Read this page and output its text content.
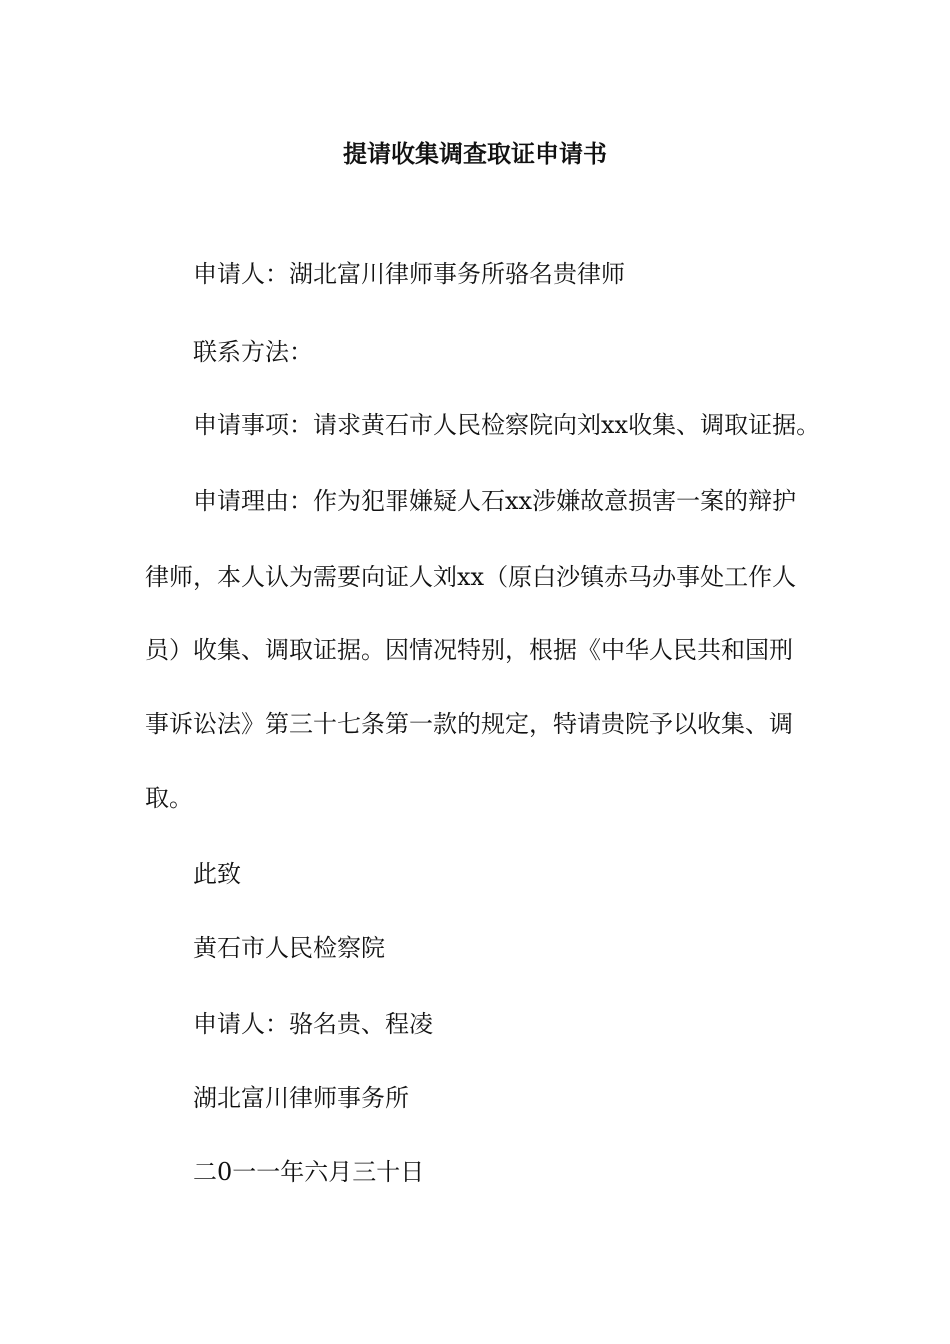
提请收集调查取证申请书
申请人：湖北富川律师事务所骆名贵律师
联系方法：
申请事项：请求黄石市人民检察院向刘xx收集、调取证据。
申请理由：作为犯罪嫌疑人石xx涉嫌故意损害一案的辩护
律师，本人认为需要向证人刘xx（原白沙镇赤马办事处工作人
员）收集、调取证据。因情况特别，根据《中华人民共和国刑
事诉讼法》第三十七条第一款的规定，特请贵院予以收集、调
取。
此致
黄石市人民检察院
申请人：骆名贵、程凌
湖北富川律师事务所
二0一一年六月三十日
